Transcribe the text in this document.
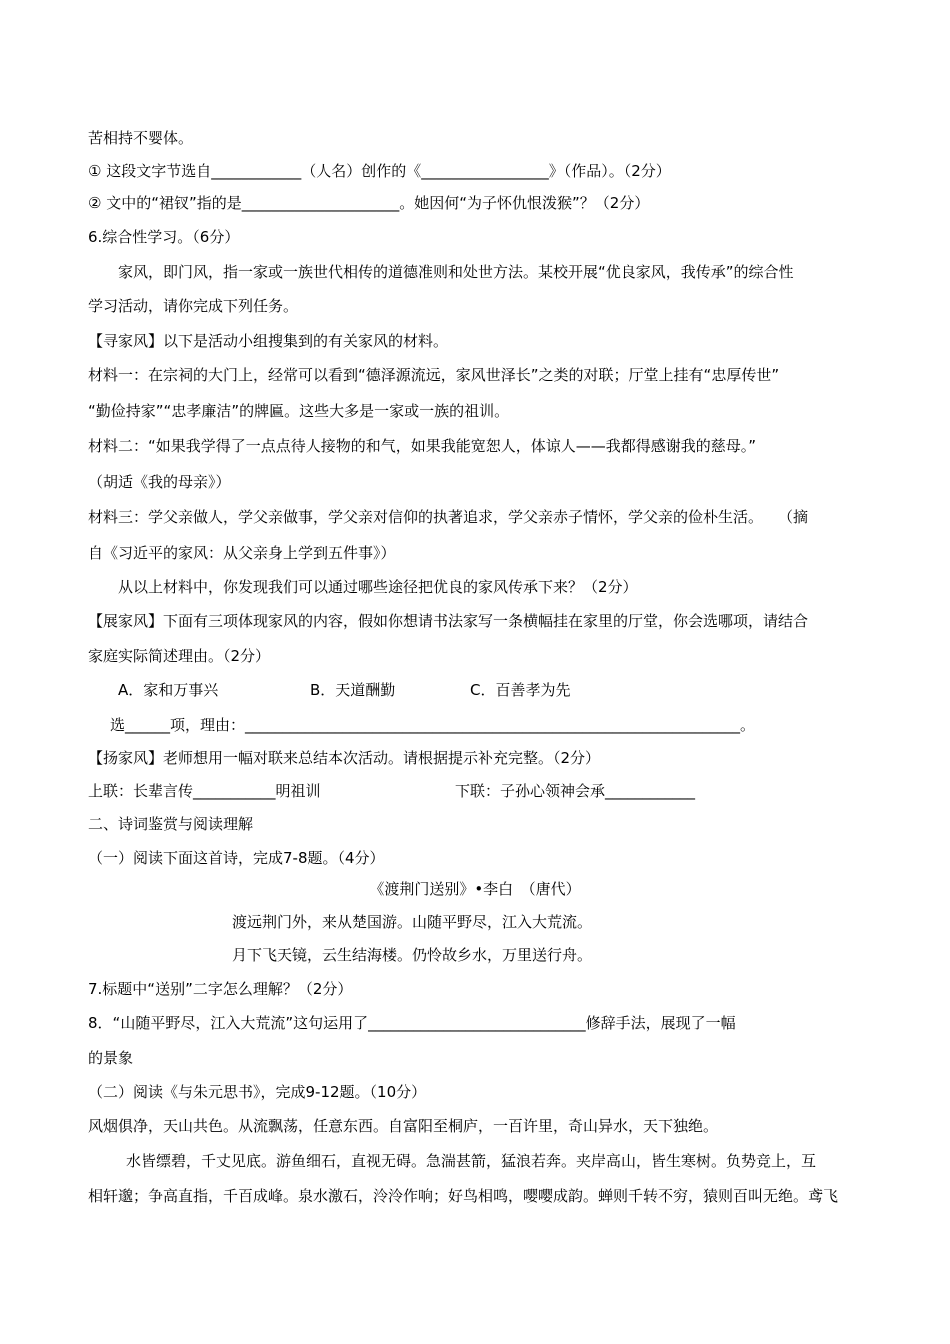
苦相持不婴体。
① 这段文字节选自____________（人名）创作的《_________________》（作品）。（2分）
② 文中的“裙钗”指的是_____________________。她因何“为子怀仇恨泼猴”？（2分）
6.综合性学习。（6分）
家风，即门风，指一家或一族世代相传的道德准则和处世方法。某校开展“优良家风，我传承”的综合性
学习活动，请你完成下列任务。
【寻家风】以下是活动小组搜集到的有关家风的材料。
材料一：在宗祠的大门上，经常可以看到“德泽源流远，家风世泽长”之类的对联；厅堂上挂有“忠厚传世”
“勤俭持家”“忠孝廉洁”的牌匾。这些大多是一家或一族的祖训。
材料二：“如果我学得了一点点待人接物的和气，如果我能宽恕人，体谅人——我都得感谢我的慈母。”
（胡适《我的母亲》）
材料三：学父亲做人，学父亲做事，学父亲对信仰的执著追求，学父亲赤子情怀，学父亲的俭朴生活。　　（摘
自《习近平的家风：从父亲身上学到五件事》）
从以上材料中，你发现我们可以通过哪些途径把优良的家风传承下来？（2分）
【展家风】下面有三项体现家风的内容，假如你想请书法家写一条横幅挂在家里的厅堂，你会选哪项，请结合
家庭实际简述理由。（2分）
A．家和万事兴	B．天道酬勤	C．百善孝为先
选______项，理由：__________________________________________________________________。
【扬家风】老师想用一幅对联来总结本次活动。请根据提示补充完整。（2分）
上联：长辈言传___________明祖训	下联：子孙心领神会承____________
二、诗词鉴赏与阅读理解
（一）阅读下面这首诗，完成7-8题。（4分）
《渡荆门送别》•李白　（唐代）
渡远荆门外，来从楚国游。山随平野尽，江入大荒流。
月下飞天镜，云生结海楼。仍怜故乡水，万里送行舟。
7.标题中“送别”二字怎么理解？（2分）
8．“山随平野尽，江入大荒流”这句运用了_____________________________修辞手法，展现了一幅
的景象
（二）阅读《与朱元思书》，完成9-12题。（10分）
风烟俱净，天山共色。从流飘荡，任意东西。自富阳至桐庐，一百许里，奇山异水，天下独绝。
水皆缥碧，千丈见底。游鱼细石，直视无碍。急湍甚箭，猛浪若奔。夹岸高山，皆生寒树。负势竞上，互
相轩邈；争高直指，千百成峰。泉水激石，泠泠作响；好鸟相鸣，嘤嘤成韵。蝉则千转不穷，猿则百叫无绝。鸢飞
